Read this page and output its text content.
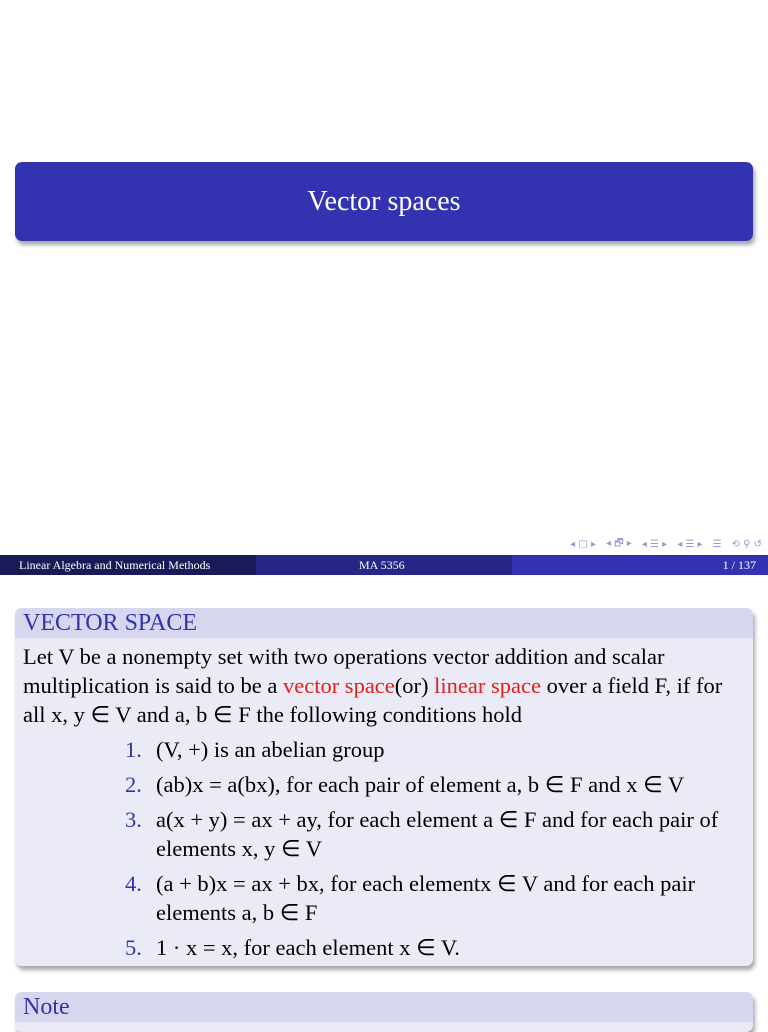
Vector spaces
◂ □ ▸ ◂ 🗗 ▸ ◂ ☰ ▸ ◂ ☰ ▸ ☰ ⟲ ⚲ ↺
Linear Algebra and Numerical Methods	MA 5356	1 / 137
VECTOR SPACE
Let V be a nonempty set with two operations vector addition and scalar multiplication is said to be a vector space(or) linear space over a field F, if for all x, y ∈ V and a, b ∈ F the following conditions hold
1. (V, +) is an abelian group
2. (ab)x = a(bx), for each pair of element a, b ∈ F and x ∈ V
3. a(x + y) = ax + ay, for each element a ∈ F and for each pair of elements x, y ∈ V
4. (a + b)x = ax + bx, for each elementx ∈ V and for each pair elements a, b ∈ F
5. 1 · x = x, for each element x ∈ V.
Note
